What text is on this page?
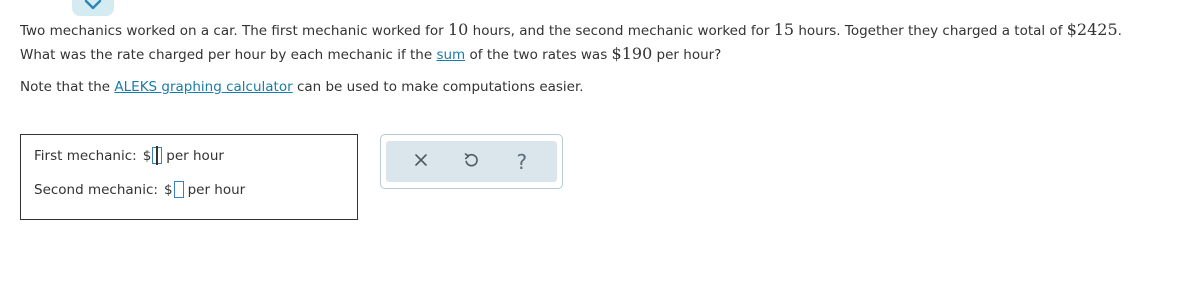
Two mechanics worked on a car. The first mechanic worked for 10 hours, and the second mechanic worked for 15 hours. Together they charged a total of $2425.
What was the rate charged per hour by each mechanic if the sum of the two rates was $190 per hour?
Note that the ALEKS graphing calculator can be used to make computations easier.
First mechanic: $ per hour
Second mechanic: $ per hour
?
